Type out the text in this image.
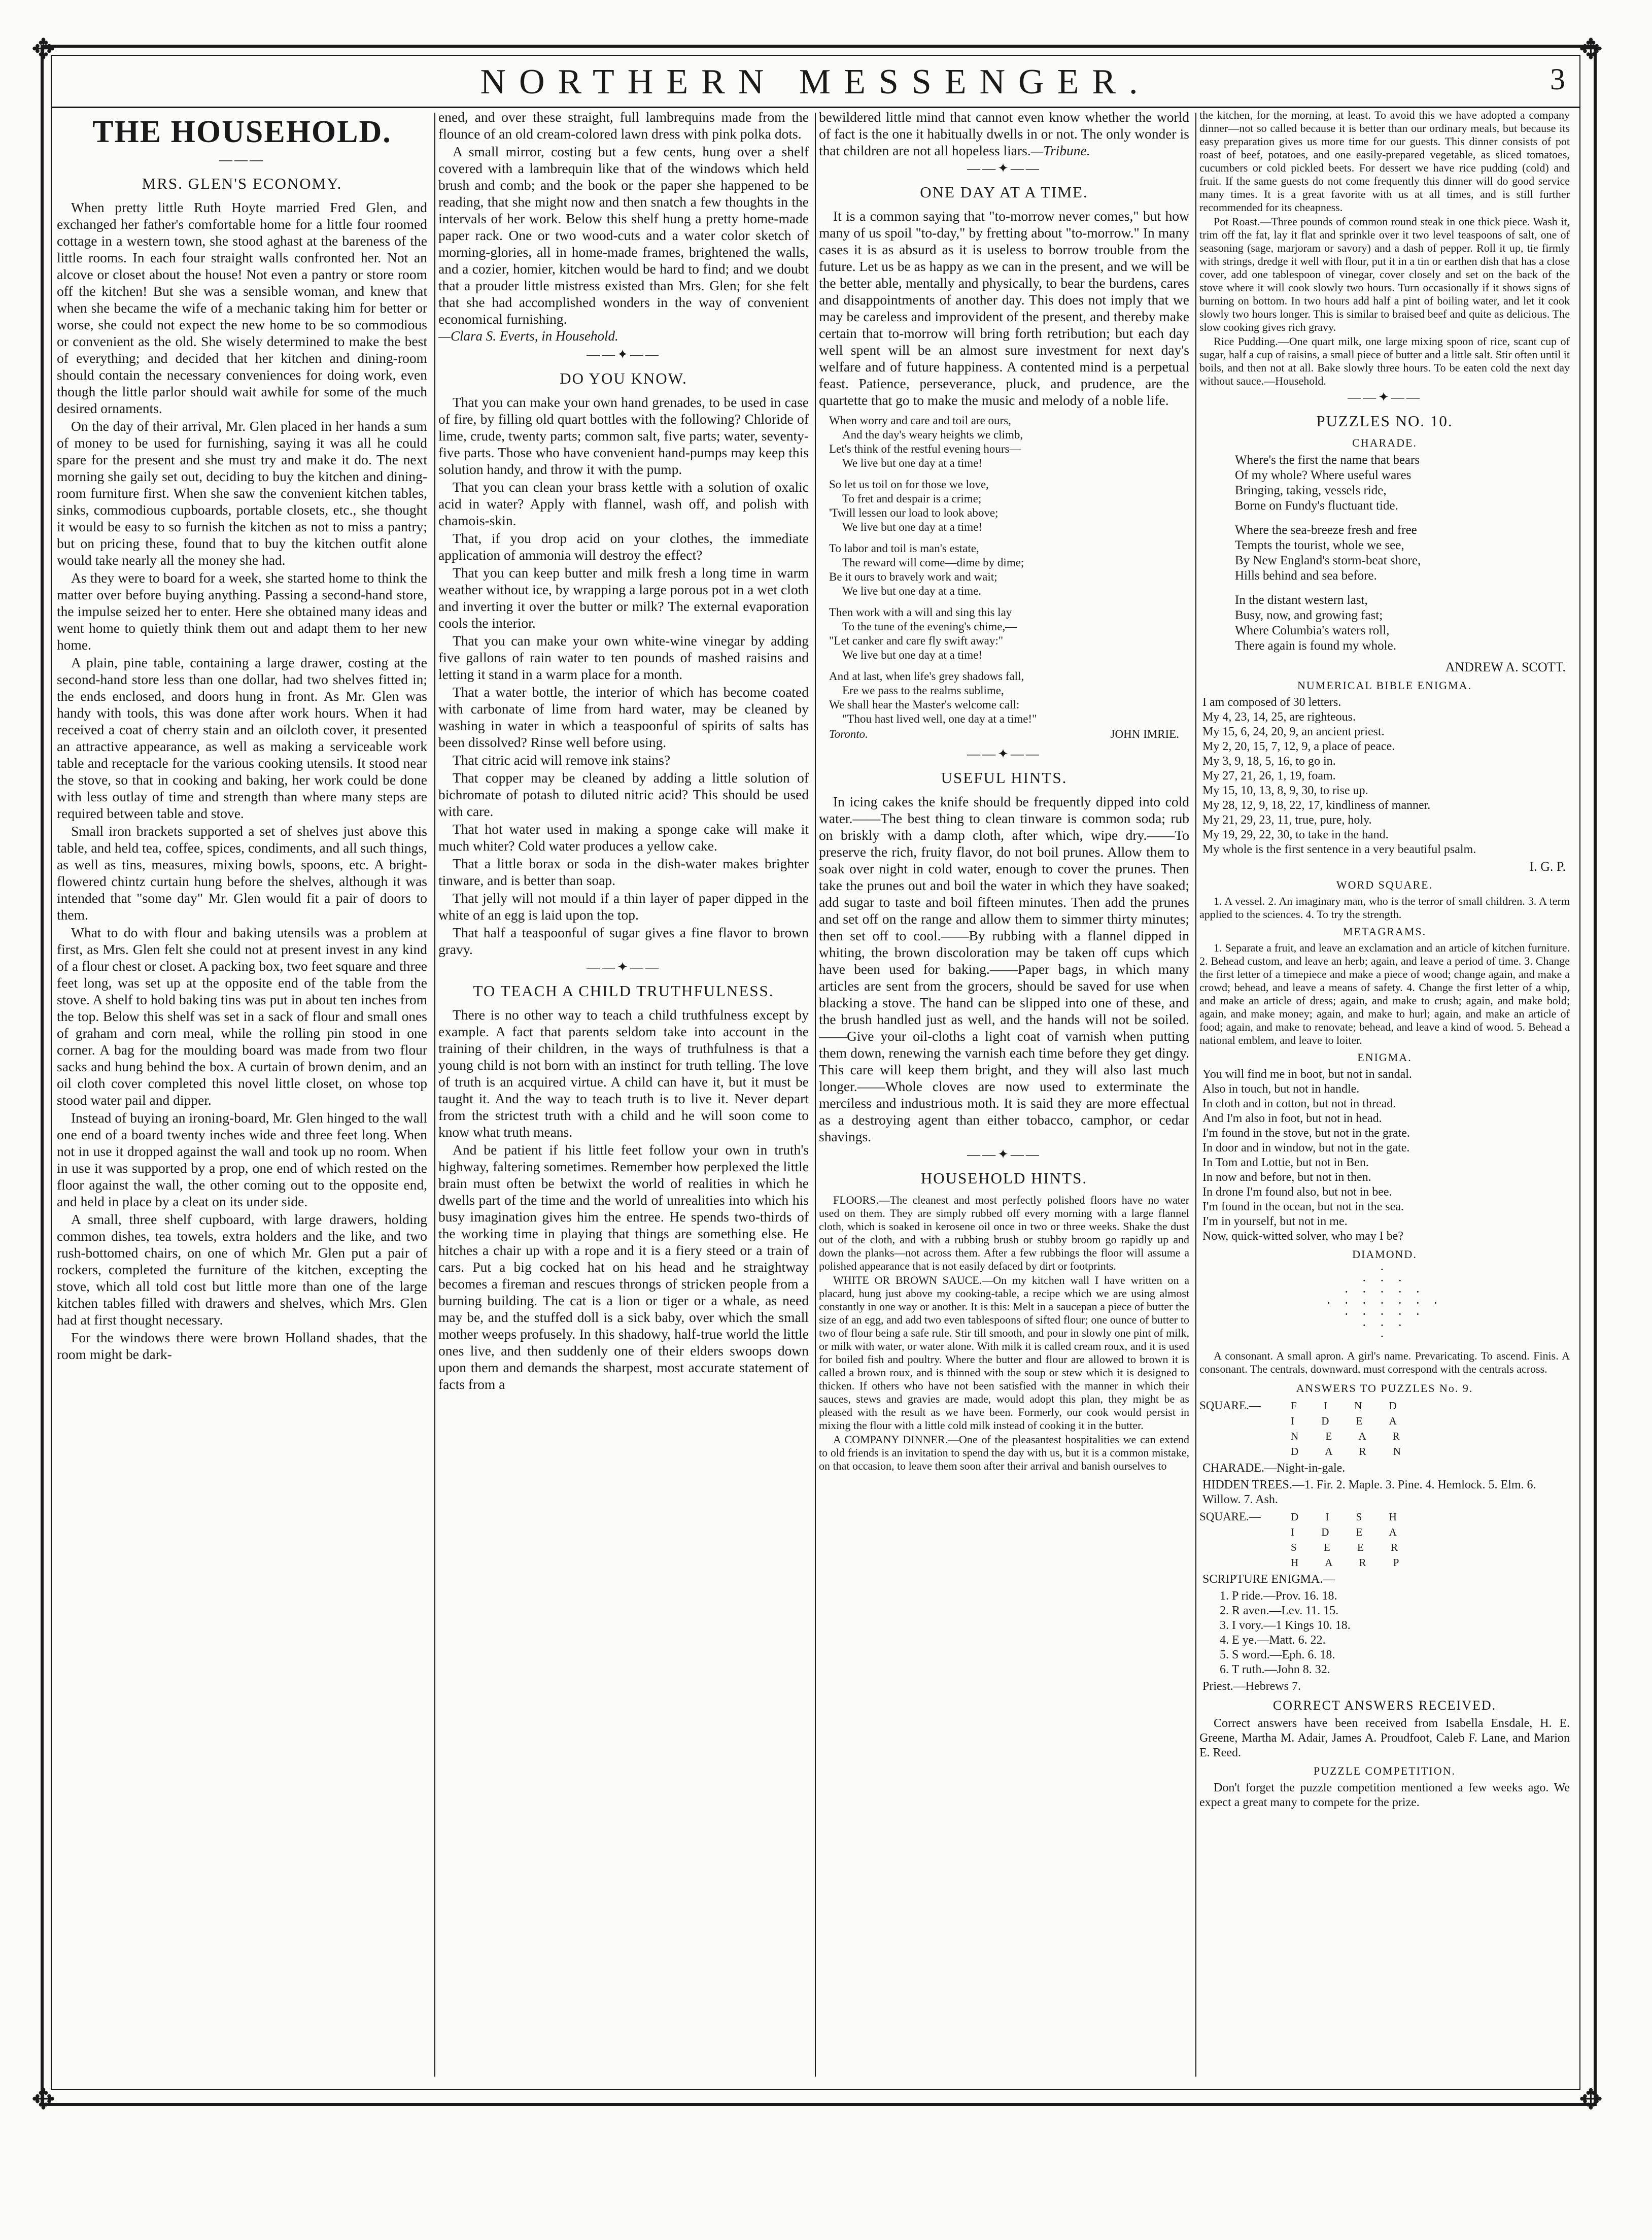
✥	✥
✥	✥
NORTHERN MESSENGER.	3
THE HOUSEHOLD.
———
MRS. GLEN'S ECONOMY.

When pretty little Ruth Hoyte married Fred Glen, and exchanged her father's comfortable home for a little four roomed cottage in a western town, she stood aghast at the bareness of the little rooms. In each four straight walls confronted her. Not an alcove or closet about the house! Not even a pantry or store room off the kitchen! But she was a sensible woman, and knew that when she became the wife of a mechanic taking him for better or worse, she could not expect the new home to be so commodious or convenient as the old. She wisely determined to make the best of everything; and decided that her kitchen and dining-room should contain the necessary conveniences for doing work, even though the little parlor should wait awhile for some of the much desired ornaments.

On the day of their arrival, Mr. Glen placed in her hands a sum of money to be used for furnishing, saying it was all he could spare for the present and she must try and make it do. The next morning she gaily set out, deciding to buy the kitchen and dining-room furniture first. When she saw the convenient kitchen tables, sinks, commodious cupboards, portable closets, etc., she thought it would be easy to so furnish the kitchen as not to miss a pantry; but on pricing these, found that to buy the kitchen outfit alone would take nearly all the money she had.

As they were to board for a week, she started home to think the matter over before buying anything. Passing a second-hand store, the impulse seized her to enter. Here she obtained many ideas and went home to quietly think them out and adapt them to her new home.

A plain, pine table, containing a large drawer, costing at the second-hand store less than one dollar, had two shelves fitted in; the ends enclosed, and doors hung in front. As Mr. Glen was handy with tools, this was done after work hours. When it had received a coat of cherry stain and an oilcloth cover, it presented an attractive appearance, as well as making a serviceable work table and receptacle for the various cooking utensils. It stood near the stove, so that in cooking and baking, her work could be done with less outlay of time and strength than where many steps are required between table and stove.

Small iron brackets supported a set of shelves just above this table, and held tea, coffee, spices, condiments, and all such things, as well as tins, measures, mixing bowls, spoons, etc. A bright-flowered chintz curtain hung before the shelves, although it was intended that "some day" Mr. Glen would fit a pair of doors to them.

What to do with flour and baking utensils was a problem at first, as Mrs. Glen felt she could not at present invest in any kind of a flour chest or closet. A packing box, two feet square and three feet long, was set up at the opposite end of the table from the stove. A shelf to hold baking tins was put in about ten inches from the top. Below this shelf was set in a sack of flour and small ones of graham and corn meal, while the rolling pin stood in one corner. A bag for the moulding board was made from two flour sacks and hung behind the box. A curtain of brown denim, and an oil cloth cover completed this novel little closet, on whose top stood water pail and dipper.

Instead of buying an ironing-board, Mr. Glen hinged to the wall one end of a board twenty inches wide and three feet long. When not in use it dropped against the wall and took up no room. When in use it was supported by a prop, one end of which rested on the floor against the wall, the other coming out to the opposite end, and held in place by a cleat on its under side.

A small, three shelf cupboard, with large drawers, holding common dishes, tea towels, extra holders and the like, and two rush-bottomed chairs, on one of which Mr. Glen put a pair of rockers, completed the furniture of the kitchen, excepting the stove, which all told cost but little more than one of the large kitchen tables filled with drawers and shelves, which Mrs. Glen had at first thought necessary.

For the windows there were brown Holland shades, that the room might be dark-

ened, and over these straight, full lambrequins made from the flounce of an old cream-colored lawn dress with pink polka dots.

A small mirror, costing but a few cents, hung over a shelf covered with a lambrequin like that of the windows which held brush and comb; and the book or the paper she happened to be reading, that she might now and then snatch a few thoughts in the intervals of her work. Below this shelf hung a pretty home-made paper rack. One or two wood-cuts and a water color sketch of morning-glories, all in home-made frames, brightened the walls, and a cozier, homier, kitchen would be hard to find; and we doubt that a prouder little mistress existed than Mrs. Glen; for she felt that she had accomplished wonders in the way of convenient economical furnishing.

—Clara S. Everts, in Household.
——✦——
DO YOU KNOW.

That you can make your own hand grenades, to be used in case of fire, by filling old quart bottles with the following? Chloride of lime, crude, twenty parts; common salt, five parts; water, seventy-five parts. Those who have convenient hand-pumps may keep this solution handy, and throw it with the pump.

That you can clean your brass kettle with a solution of oxalic acid in water? Apply with flannel, wash off, and polish with chamois-skin.

That, if you drop acid on your clothes, the immediate application of ammonia will destroy the effect?

That you can keep butter and milk fresh a long time in warm weather without ice, by wrapping a large porous pot in a wet cloth and inverting it over the butter or milk? The external evaporation cools the interior.

That you can make your own white-wine vinegar by adding five gallons of rain water to ten pounds of mashed raisins and letting it stand in a warm place for a month.

That a water bottle, the interior of which has become coated with carbonate of lime from hard water, may be cleaned by washing in water in which a teaspoonful of spirits of salts has been dissolved? Rinse well before using.

That citric acid will remove ink stains?

That copper may be cleaned by adding a little solution of bichromate of potash to diluted nitric acid? This should be used with care.

That hot water used in making a sponge cake will make it much whiter? Cold water produces a yellow cake.

That a little borax or soda in the dish-water makes brighter tinware, and is better than soap.

That jelly will not mould if a thin layer of paper dipped in the white of an egg is laid upon the top.

That half a teaspoonful of sugar gives a fine flavor to brown gravy.

——✦——
TO TEACH A CHILD TRUTHFULNESS.

There is no other way to teach a child truthfulness except by example. A fact that parents seldom take into account in the training of their children, in the ways of truthfulness is that a young child is not born with an instinct for truth telling. The love of truth is an acquired virtue. A child can have it, but it must be taught it. And the way to teach truth is to live it. Never depart from the strictest truth with a child and he will soon come to know what truth means.

And be patient if his little feet follow your own in truth's highway, faltering sometimes. Remember how perplexed the little brain must often be betwixt the world of realities in which he dwells part of the time and the world of unrealities into which his busy imagination gives him the entree. He spends two-thirds of the working time in playing that things are something else. He hitches a chair up with a rope and it is a fiery steed or a train of cars. Put a big cocked hat on his head and he straightway becomes a fireman and rescues throngs of stricken people from a burning building. The cat is a lion or tiger or a whale, as need may be, and the stuffed doll is a sick baby, over which the small mother weeps profusely. In this shadowy, half-true world the little ones live, and then suddenly one of their elders swoops down upon them and demands the sharpest, most accurate statement of facts from a

bewildered little mind that cannot even know whether the world of fact is the one it habitually dwells in or not. The only wonder is that children are not all hopeless liars.—Tribune.

——✦——
ONE DAY AT A TIME.

It is a common saying that "to-morrow never comes," but how many of us spoil "to-day," by fretting about "to-morrow." In many cases it is as absurd as it is useless to borrow trouble from the future. Let us be as happy as we can in the present, and we will be the better able, mentally and physically, to bear the burdens, cares and disappointments of another day. This does not imply that we may be careless and improvident of the present, and thereby make certain that to-morrow will bring forth retribution; but each day well spent will be an almost sure investment for next day's welfare and of future happiness. A contented mind is a perpetual feast. Patience, perseverance, pluck, and prudence, are the quartette that go to make the music and melody of a noble life.

When worry and care and toil are ours,
And the day's weary heights we climb,
Let's think of the restful evening hours—
We live but one day at a time!
So let us toil on for those we love,
To fret and despair is a crime;
'Twill lessen our load to look above;
We live but one day at a time!
To labor and toil is man's estate,
The reward will come—dime by dime;
Be it ours to bravely work and wait;
We live but one day at a time.
Then work with a will and sing this lay
To the tune of the evening's chime,—
"Let canker and care fly swift away:"
We live but one day at a time!
And at last, when life's grey shadows fall,
Ere we pass to the realms sublime,
We shall hear the Master's welcome call:
"Thou hast lived well, one day at a time!"
Toronto.	JOHN IMRIE.
——✦——
USEFUL HINTS.

In icing cakes the knife should be frequently dipped into cold water.——The best thing to clean tinware is common soda; rub on briskly with a damp cloth, after which, wipe dry.——To preserve the rich, fruity flavor, do not boil prunes. Allow them to soak over night in cold water, enough to cover the prunes. Then take the prunes out and boil the water in which they have soaked; add sugar to taste and boil fifteen minutes. Then add the prunes and set off on the range and allow them to simmer thirty minutes; then set off to cool.——By rubbing with a flannel dipped in whiting, the brown discoloration may be taken off cups which have been used for baking.——Paper bags, in which many articles are sent from the grocers, should be saved for use when blacking a stove. The hand can be slipped into one of these, and the brush handled just as well, and the hands will not be soiled.——Give your oil-cloths a light coat of varnish when putting them down, renewing the varnish each time before they get dingy. This care will keep them bright, and they will also last much longer.——Whole cloves are now used to exterminate the merciless and industrious moth. It is said they are more effectual as a destroying agent than either tobacco, camphor, or cedar shavings.

——✦——
HOUSEHOLD HINTS.

FLOORS.—The cleanest and most perfectly polished floors have no water used on them. They are simply rubbed off every morning with a large flannel cloth, which is soaked in kerosene oil once in two or three weeks. Shake the dust out of the cloth, and with a rubbing brush or stubby broom go rapidly up and down the planks—not across them. After a few rubbings the floor will assume a polished appearance that is not easily defaced by dirt or footprints.

WHITE OR BROWN SAUCE.—On my kitchen wall I have written on a placard, hung just above my cooking-table, a recipe which we are using almost constantly in one way or another. It is this: Melt in a saucepan a piece of butter the size of an egg, and add two even tablespoons of sifted flour; one ounce of butter to two of flour being a safe rule. Stir till smooth, and pour in slowly one pint of milk, or milk with water, or water alone. With milk it is called cream roux, and it is used for boiled fish and poultry. Where the butter and flour are allowed to brown it is called a brown roux, and is thinned with the soup or stew which it is designed to thicken. If others who have not been satisfied with the manner in which their sauces, stews and gravies are made, would adopt this plan, they might be as pleased with the result as we have been. Formerly, our cook would persist in mixing the flour with a little cold milk instead of cooking it in the butter.

A COMPANY DINNER.—One of the pleasantest hospitalities we can extend to old friends is an invitation to spend the day with us, but it is a common mistake, on that occasion, to leave them soon after their arrival and banish ourselves to

the kitchen, for the morning, at least. To avoid this we have adopted a company dinner—not so called because it is better than our ordinary meals, but because its easy preparation gives us more time for our guests. This dinner consists of pot roast of beef, potatoes, and one easily-prepared vegetable, as sliced tomatoes, cucumbers or cold pickled beets. For dessert we have rice pudding (cold) and fruit. If the same guests do not come frequently this dinner will do good service many times. It is a great favorite with us at all times, and is still further recommended for its cheapness.

Pot Roast.—Three pounds of common round steak in one thick piece. Wash it, trim off the fat, lay it flat and sprinkle over it two level teaspoons of salt, one of seasoning (sage, marjoram or savory) and a dash of pepper. Roll it up, tie firmly with strings, dredge it well with flour, put it in a tin or earthen dish that has a close cover, add one tablespoon of vinegar, cover closely and set on the back of the stove where it will cook slowly two hours. Turn occasionally if it shows signs of burning on bottom. In two hours add half a pint of boiling water, and let it cook slowly two hours longer. This is similar to braised beef and quite as delicious. The slow cooking gives rich gravy.

Rice Pudding.—One quart milk, one large mixing spoon of rice, scant cup of sugar, half a cup of raisins, a small piece of butter and a little salt. Stir often until it boils, and then not at all. Bake slowly three hours. To be eaten cold the next day without sauce.—Household.

——✦——
PUZZLES NO. 10.
CHARADE.
Where's the first the name that bears
Of my whole? Where useful wares
Bringing, taking, vessels ride,
Borne on Fundy's fluctuant tide.
Where the sea-breeze fresh and free
Tempts the tourist, whole we see,
By New England's storm-beat shore,
Hills behind and sea before.
In the distant western last,
Busy, now, and growing fast;
Where Columbia's waters roll,
There again is found my whole.
ANDREW A. SCOTT.
NUMERICAL BIBLE ENIGMA.
I am composed of 30 letters.
My 4, 23, 14, 25, are righteous.
My 15, 6, 24, 20, 9, an ancient priest.
My 2, 20, 15, 7, 12, 9, a place of peace.
My 3, 9, 18, 5, 16, to go in.
My 27, 21, 26, 1, 19, foam.
My 15, 10, 13, 8, 9, 30, to rise up.
My 28, 12, 9, 18, 22, 17, kindliness of manner.
My 21, 29, 23, 11, true, pure, holy.
My 19, 29, 22, 30, to take in the hand.
My whole is the first sentence in a very beautiful psalm.
I. G. P.
WORD SQUARE.

1. A vessel. 2. An imaginary man, who is the terror of small children. 3. A term applied to the sciences. 4. To try the strength.

METAGRAMS.

1. Separate a fruit, and leave an exclamation and an article of kitchen furniture. 2. Behead custom, and leave an herb; again, and leave a period of time. 3. Change the first letter of a timepiece and make a piece of wood; change again, and make a crowd; behead, and leave a means of safety. 4. Change the first letter of a whip, and make an article of dress; again, and make to crush; again, and make bold; again, and make money; again, and make to hurl; again, and make an article of food; again, and make to renovate; behead, and leave a kind of wood. 5. Behead a national emblem, and leave to loiter.

ENIGMA.
You will find me in boot, but not in sandal.
Also in touch, but not in handle.
In cloth and in cotton, but not in thread.
And I'm also in foot, but not in head.
I'm found in the stove, but not in the grate.
In door and in window, but not in the gate.
In Tom and Lottie, but not in Ben.
In now and before, but not in then.
In drone I'm found also, but not in bee.
I'm found in the ocean, but not in the sea.
I'm in yourself, but not in me.
Now, quick-witted solver, who may I be?
DIAMOND.
·
· · ·
· · · · ·
· · · · · · ·
· · · · ·
· · ·
·

A consonant. A small apron. A girl's name. Prevaricating. To ascend. Finis. A consonant. The centrals, downward, must correspond with the centrals across.

ANSWERS TO PUZZLES No. 9.
SQUARE.—	F I N D
I D E A
N E A R
D A R N
CHARADE.—Night-in-gale.
HIDDEN TREES.—1. Fir. 2. Maple. 3. Pine. 4. Hemlock. 5. Elm. 6. Willow. 7. Ash.
SQUARE.—	D I S H
I D E A
S E E R
H A R P
SCRIPTURE ENIGMA.—
1. P ride.—Prov. 16. 18.
2. R aven.—Lev. 11. 15.
3. I vory.—1 Kings 10. 18.
4. E ye.—Matt. 6. 22.
5. S word.—Eph. 6. 18.
6. T ruth.—John 8. 32.
Priest.—Hebrews 7.
CORRECT ANSWERS RECEIVED.

Correct answers have been received from Isabella Ensdale, H. E. Greene, Martha M. Adair, James A. Proudfoot, Caleb F. Lane, and Marion E. Reed.

PUZZLE COMPETITION.

Don't forget the puzzle competition mentioned a few weeks ago. We expect a great many to compete for the prize.
